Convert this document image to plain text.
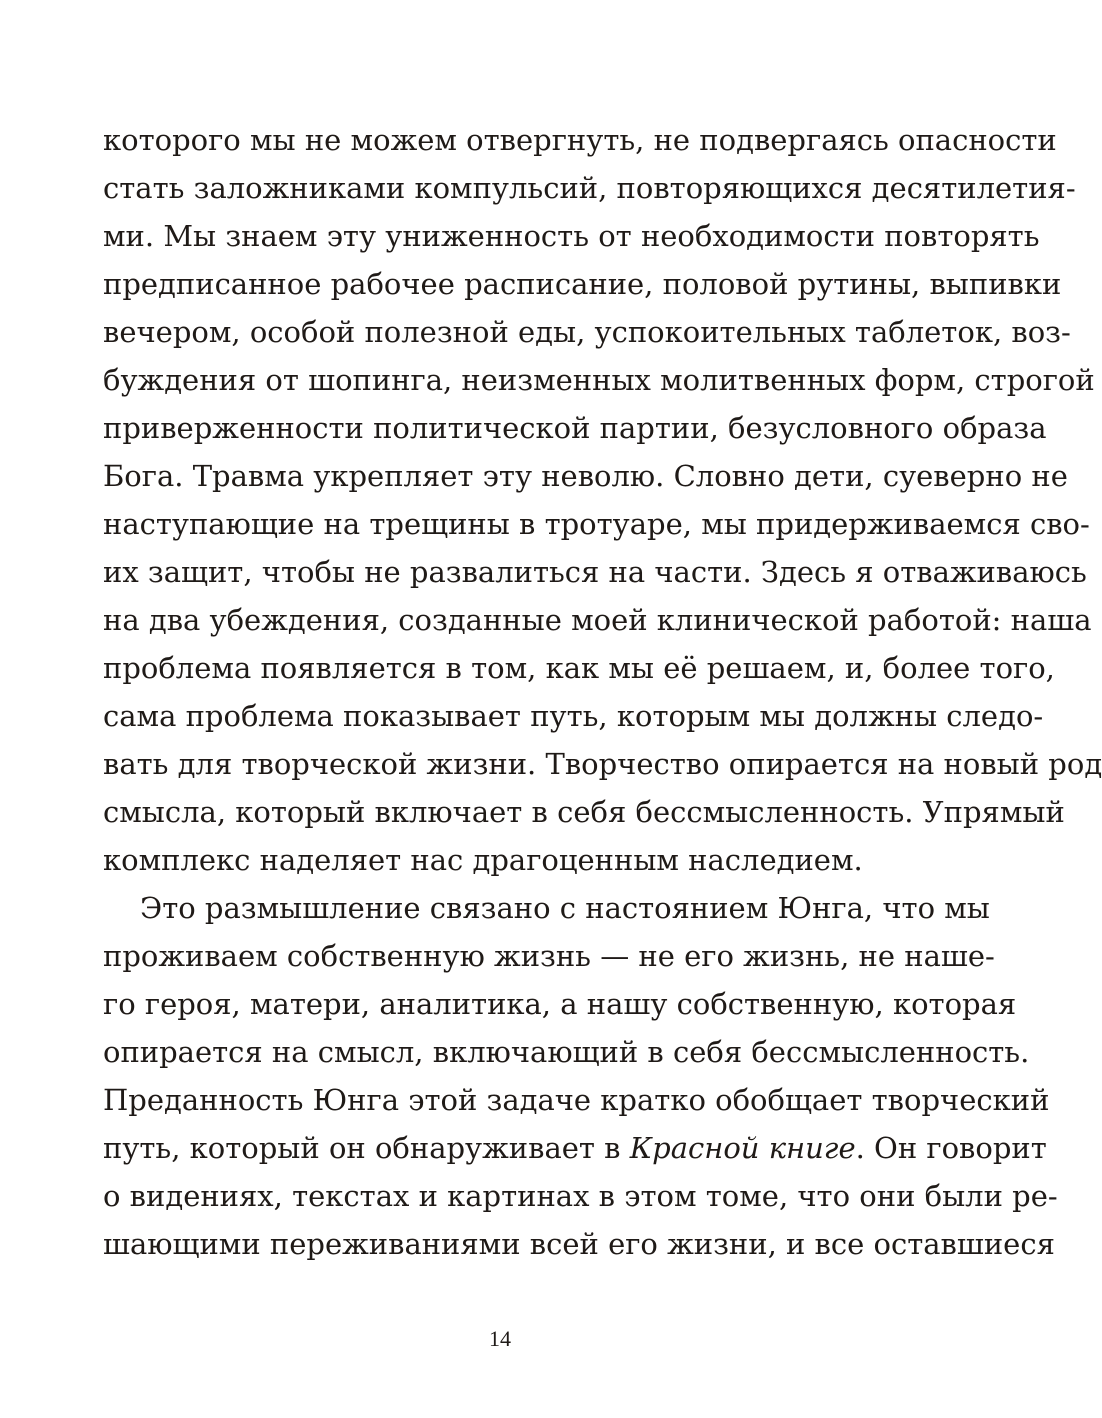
которого мы не можем отвергнуть, не подвергаясь опасности
стать заложниками компульсий, повторяющихся десятилетия-
ми. Мы знаем эту униженность от необходимости повторять
предписанное рабочее расписание, половой рутины, выпивки
вечером, особой полезной еды, успокоительных таблеток, воз-
буждения от шопинга, неизменных молитвенных форм, строгой
приверженности политической партии, безусловного образа
Бога. Травма укрепляет эту неволю. Словно дети, суеверно не
наступающие на трещины в тротуаре, мы придерживаемся сво-
их защит, чтобы не развалиться на части. Здесь я отваживаюсь
на два убеждения, созданные моей клинической работой: наша
проблема появляется в том, как мы её решаем, и, более того,
сама проблема показывает путь, которым мы должны следо-
вать для творческой жизни. Творчество опирается на новый род
смысла, который включает в себя бессмысленность. Упрямый
комплекс наделяет нас драгоценным наследием.
Это размышление связано с настоянием Юнга, что мы
проживаем собственную жизнь — не его жизнь, не наше-
го героя, матери, аналитика, а нашу собственную, которая
опирается на смысл, включающий в себя бессмысленность.
Преданность Юнга этой задаче кратко обобщает творческий
путь, который он обнаруживает в Красной книге. Он говорит
о видениях, текстах и картинах в этом томе, что они были ре-
шающими переживаниями всей его жизни, и все оставшиеся
14
